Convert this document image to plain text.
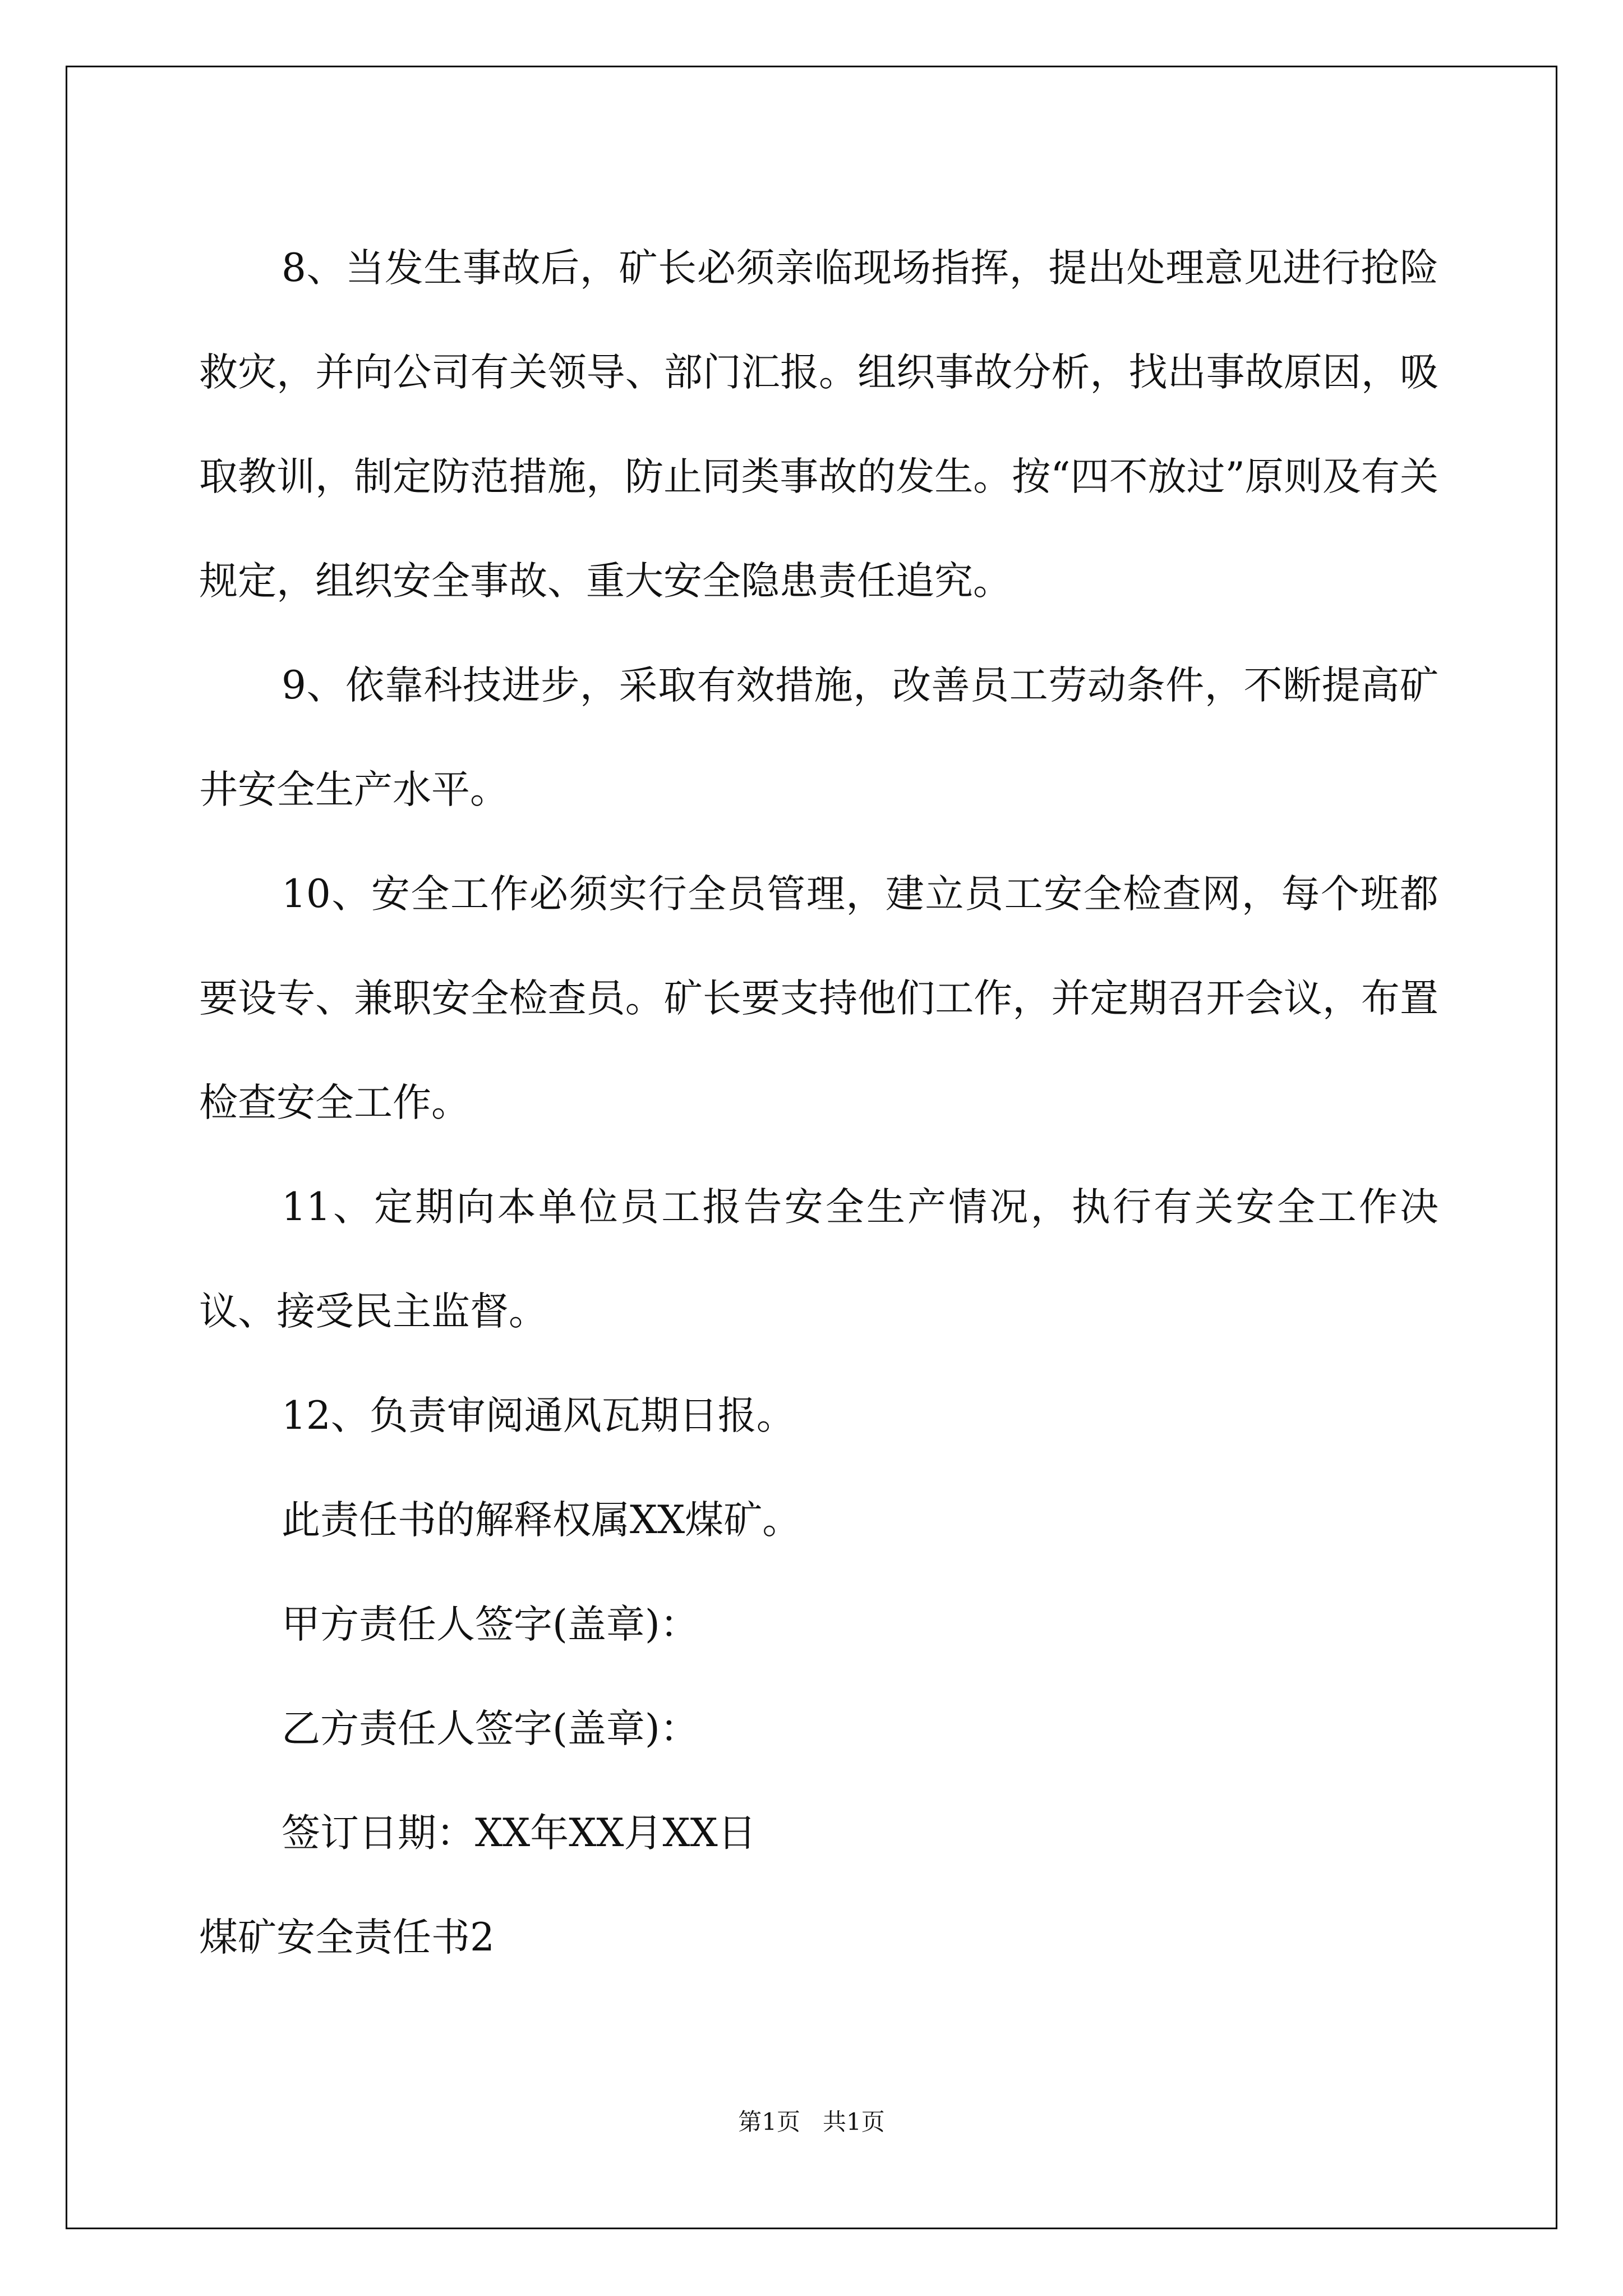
8、当发生事故后，矿长必须亲临现场指挥，提出处理意见进行抢险救灾，并向公司有关领导、部门汇报。组织事故分析，找出事故原因，吸取教训，制定防范措施，防止同类事故的发生。按“四不放过”原则及有关规定，组织安全事故、重大安全隐患责任追究。

9、依靠科技进步，采取有效措施，改善员工劳动条件，不断提高矿井安全生产水平。

10、安全工作必须实行全员管理，建立员工安全检查网，每个班都要设专、兼职安全检查员。矿长要支持他们工作，并定期召开会议，布置检查安全工作。

11、定期向本单位员工报告安全生产情况，执行有关安全工作决议、接受民主监督。

12、负责审阅通风瓦期日报。

此责任书的解释权属XX煤矿。

甲方责任人签字(盖章)：

乙方责任人签字(盖章)：

签订日期：XX年XX月XX日

煤矿安全责任书2

第1页   共1页
